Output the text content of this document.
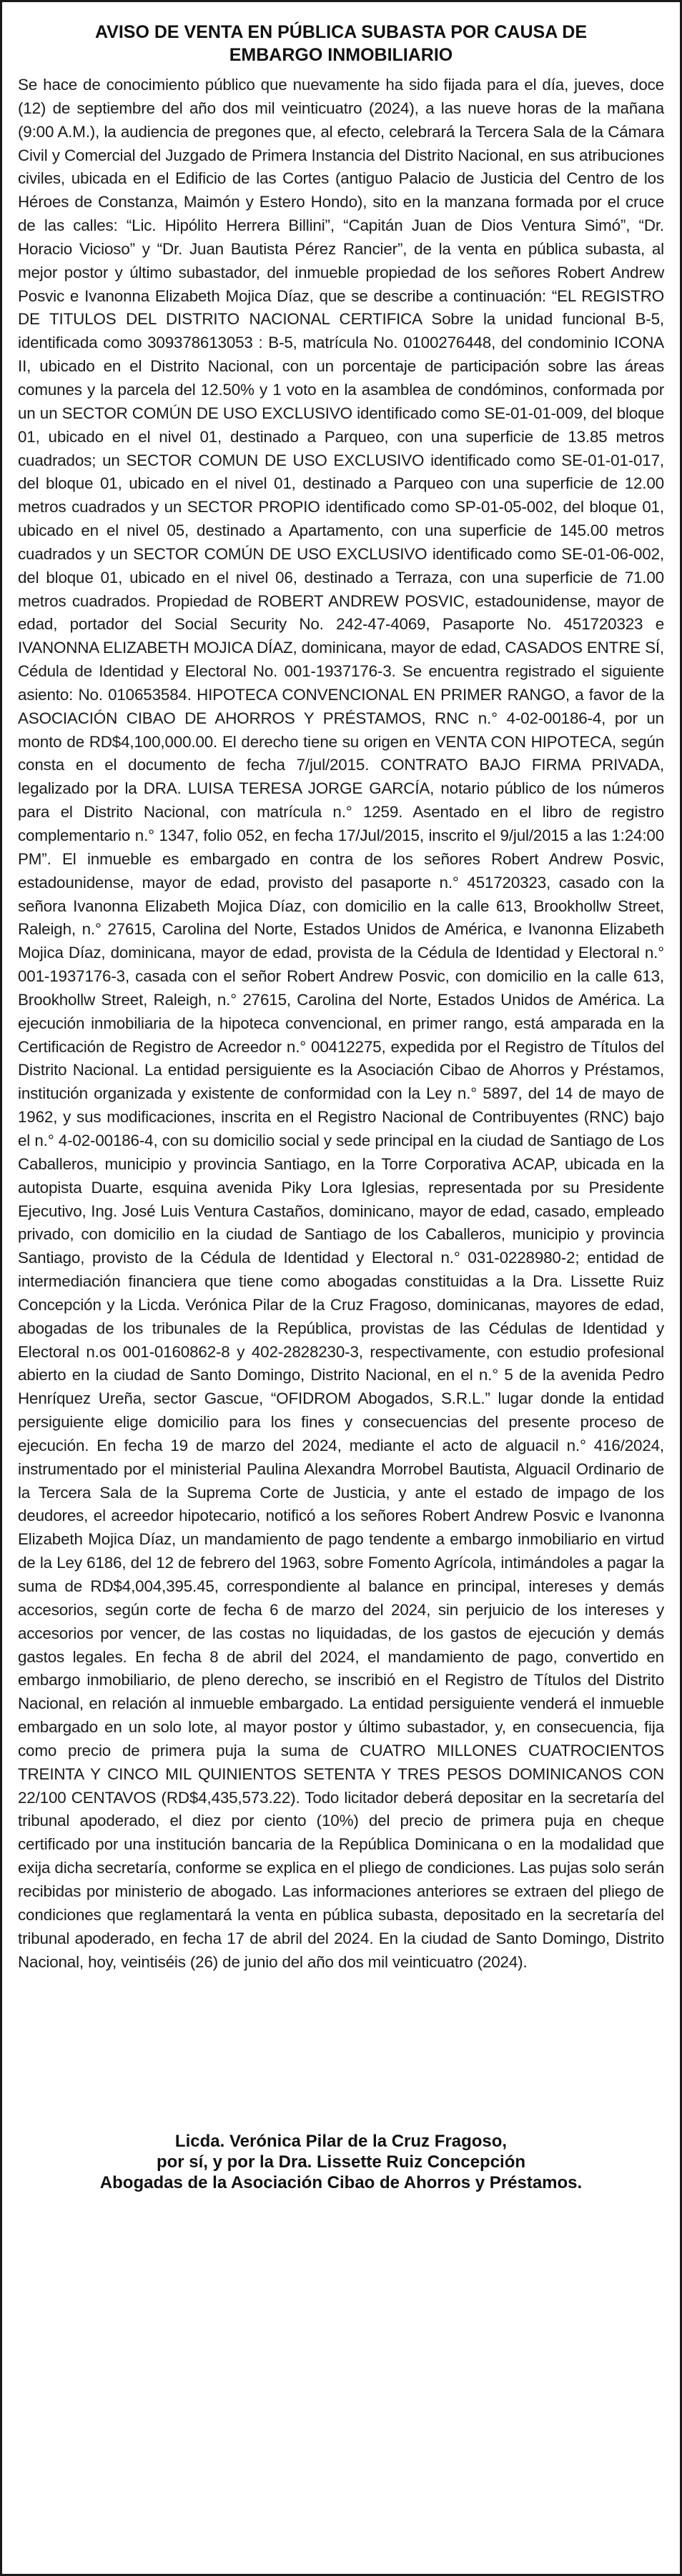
AVISO DE VENTA EN PÚBLICA SUBASTA POR CAUSA DE
EMBARGO INMOBILIARIO

Se hace de conocimiento público que nuevamente ha sido fijada para el día, jueves, doce (12) de septiembre del año dos mil veinticuatro (2024), a las nueve horas de la mañana (9:00 A.M.), la audiencia de pregones que, al efecto, celebrará la Tercera Sala de la Cámara Civil y Comercial del Juzgado de Primera Instancia del Distrito Nacional, en sus atribuciones civiles, ubicada en el Edificio de las Cortes (antiguo Palacio de Justicia del Centro de los Héroes de Constanza, Maimón y Estero Hondo), sito en la manzana formada por el cruce de las calles: “Lic. Hipólito Herrera Billini”, “Capitán Juan de Dios Ventura Simó”, “Dr. Horacio Vicioso” y “Dr. Juan Bautista Pérez Rancier”, de la venta en pública subasta, al mejor postor y último subastador, del inmueble propiedad de los señores Robert Andrew Posvic e Ivanonna Elizabeth Mojica Díaz, que se describe a continuación: “EL REGISTRO DE TITULOS DEL DISTRITO NACIONAL CERTIFICA Sobre la unidad funcional B-5, identificada como 309378613053 : B-5, matrícula No. 0100276448, del condominio ICONA II, ubicado en el Distrito Nacional, con un porcentaje de participación sobre las áreas comunes y la parcela del 12.50% y 1 voto en la asamblea de condóminos, conformada por un un SECTOR COMÚN DE USO EXCLUSIVO identificado como SE-01-01-009, del bloque 01, ubicado en el nivel 01, destinado a Parqueo, con una superficie de 13.85 metros cuadrados; un SECTOR COMUN DE USO EXCLUSIVO identificado como SE-01-01-017, del bloque 01, ubicado en el nivel 01, destinado a Parqueo con una superficie de 12.00 metros cuadrados y un SECTOR PROPIO identificado como SP-01-05-002, del bloque 01, ubicado en el nivel 05, destinado a Apartamento, con una superficie de 145.00 metros cuadrados y un SECTOR COMÚN DE USO EXCLUSIVO identificado como SE-01-06-002, del bloque 01, ubicado en el nivel 06, destinado a Terraza, con una superficie de 71.00 metros cuadrados. Propiedad de ROBERT ANDREW POSVIC, estadounidense, mayor de edad, portador del Social Security No. 242-47-4069, Pasaporte No. 451720323 e IVANONNA ELIZABETH MOJICA DÍAZ, dominicana, mayor de edad, CASADOS ENTRE SÍ, Cédula de Identidad y Electoral No. 001-1937176-3. Se encuentra registrado el siguiente asiento: No. 010653584. HIPOTECA CONVENCIONAL EN PRIMER RANGO, a favor de la ASOCIACIÓN CIBAO DE AHORROS Y PRÉSTAMOS, RNC n.° 4-02-00186-4, por un monto de RD$4,100,000.00. El derecho tiene su origen en VENTA CON HIPOTECA, según consta en el documento de fecha 7/jul/2015. CONTRATO BAJO FIRMA PRIVADA, legalizado por la DRA. LUISA TERESA JORGE GARCÍA, notario público de los números para el Distrito Nacional, con matrícula n.° 1259. Asentado en el libro de registro complementario n.° 1347, folio 052, en fecha 17/Jul/2015, inscrito el 9/jul/2015 a las 1:24:00 PM”. El inmueble es embargado en contra de los señores Robert Andrew Posvic, estadounidense, mayor de edad, provisto del pasaporte n.° 451720323, casado con la señora Ivanonna Elizabeth Mojica Díaz, con domicilio en la calle 613, Brookhollw Street, Raleigh, n.° 27615, Carolina del Norte, Estados Unidos de América, e Ivanonna Elizabeth Mojica Díaz, dominicana, mayor de edad, provista de la Cédula de Identidad y Electoral n.° 001-1937176-3, casada con el señor Robert Andrew Posvic, con domicilio en la calle 613, Brookhollw Street, Raleigh, n.° 27615, Carolina del Norte, Estados Unidos de América. La ejecución inmobiliaria de la hipoteca convencional, en primer rango, está amparada en la Certificación de Registro de Acreedor n.° 00412275, expedida por el Registro de Títulos del Distrito Nacional. La entidad persiguiente es la Asociación Cibao de Ahorros y Préstamos, institución organizada y existente de conformidad con la Ley n.° 5897, del 14 de mayo de 1962, y sus modificaciones, inscrita en el Registro Nacional de Contribuyentes (RNC) bajo el n.° 4-02-00186-4, con su domicilio social y sede principal en la ciudad de Santiago de Los Caballeros, municipio y provincia Santiago, en la Torre Corporativa ACAP, ubicada en la autopista Duarte, esquina avenida Piky Lora Iglesias, representada por su Presidente Ejecutivo, Ing. José Luis Ventura Castaños, dominicano, mayor de edad, casado, empleado privado, con domicilio en la ciudad de Santiago de los Caballeros, municipio y provincia Santiago, provisto de la Cédula de Identidad y Electoral n.° 031-0228980-2; entidad de intermediación financiera que tiene como abogadas constituidas a la Dra. Lissette Ruiz Concepción y la Licda. Verónica Pilar de la Cruz Fragoso, dominicanas, mayores de edad, abogadas de los tribunales de la República, provistas de las Cédulas de Identidad y Electoral n.os 001-0160862-8 y 402-2828230-3, respectivamente, con estudio profesional abierto en la ciudad de Santo Domingo, Distrito Nacional, en el n.° 5 de la avenida Pedro Henríquez Ureña, sector Gascue, “OFIDROM Abogados, S.R.L.” lugar donde la entidad persiguiente elige domicilio para los fines y consecuencias del presente proceso de ejecución. En fecha 19 de marzo del 2024, mediante el acto de alguacil n.° 416/2024, instrumentado por el ministerial Paulina Alexandra Morrobel Bautista, Alguacil Ordinario de la Tercera Sala de la Suprema Corte de Justicia, y ante el estado de impago de los deudores, el acreedor hipotecario, notificó a los señores Robert Andrew Posvic e Ivanonna Elizabeth Mojica Díaz, un mandamiento de pago tendente a embargo inmobiliario en virtud de la Ley 6186, del 12 de febrero del 1963, sobre Fomento Agrícola, intimándoles a pagar la suma de RD$4,004,395.45, correspondiente al balance en principal, intereses y demás accesorios, según corte de fecha 6 de marzo del 2024, sin perjuicio de los intereses y accesorios por vencer, de las costas no liquidadas, de los gastos de ejecución y demás gastos legales. En fecha 8 de abril del 2024, el mandamiento de pago, convertido en embargo inmobiliario, de pleno derecho, se inscribió en el Registro de Títulos del Distrito Nacional, en relación al inmueble embargado. La entidad persiguiente venderá el inmueble embargado en un solo lote, al mayor postor y último subastador, y, en consecuencia, fija como precio de primera puja la suma de CUATRO MILLONES CUATROCIENTOS TREINTA Y CINCO MIL QUINIENTOS SETENTA Y TRES PESOS DOMINICANOS CON 22/100 CENTAVOS (RD$4,435,573.22). Todo licitador deberá depositar en la secretaría del tribunal apoderado, el diez por ciento (10%) del precio de primera puja en cheque certificado por una institución bancaria de la República Dominicana o en la modalidad que exija dicha secretaría, conforme se explica en el pliego de condiciones. Las pujas solo serán recibidas por ministerio de abogado. Las informaciones anteriores se extraen del pliego de condiciones que reglamentará la venta en pública subasta, depositado en la secretaría del tribunal apoderado, en fecha 17 de abril del 2024. En la ciudad de Santo Domingo, Distrito Nacional, hoy, veintiséis (26) de junio del año dos mil veinticuatro (2024).

Licda. Verónica Pilar de la Cruz Fragoso,
por sí, y por la Dra. Lissette Ruiz Concepción
Abogadas de la Asociación Cibao de Ahorros y Préstamos.
